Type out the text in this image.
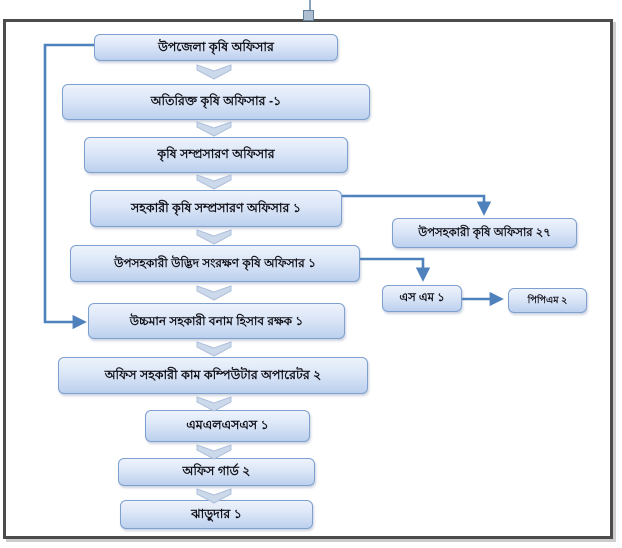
উপজেলা কৃষি অফিসার
অতিরিক্ত কৃষি অফিসার -১
কৃষি সম্প্রসারণ অফিসার
সহকারী কৃষি সম্প্রসারণ অফিসার ১
উপসহকারী উদ্ভিদ সংরক্ষণ কৃষি অফিসার ১
উচ্চমান সহকারী বনাম হিসাব রক্ষক ১
অফিস সহকারী কাম কম্পিউটার অপারেটর ২
এমএলএসএস ১
অফিস গার্ড ২
ঝাড়ুদার ১
উপসহকারী কৃষি অফিসার ২৭
এস এম ১	পিপিএম ২
